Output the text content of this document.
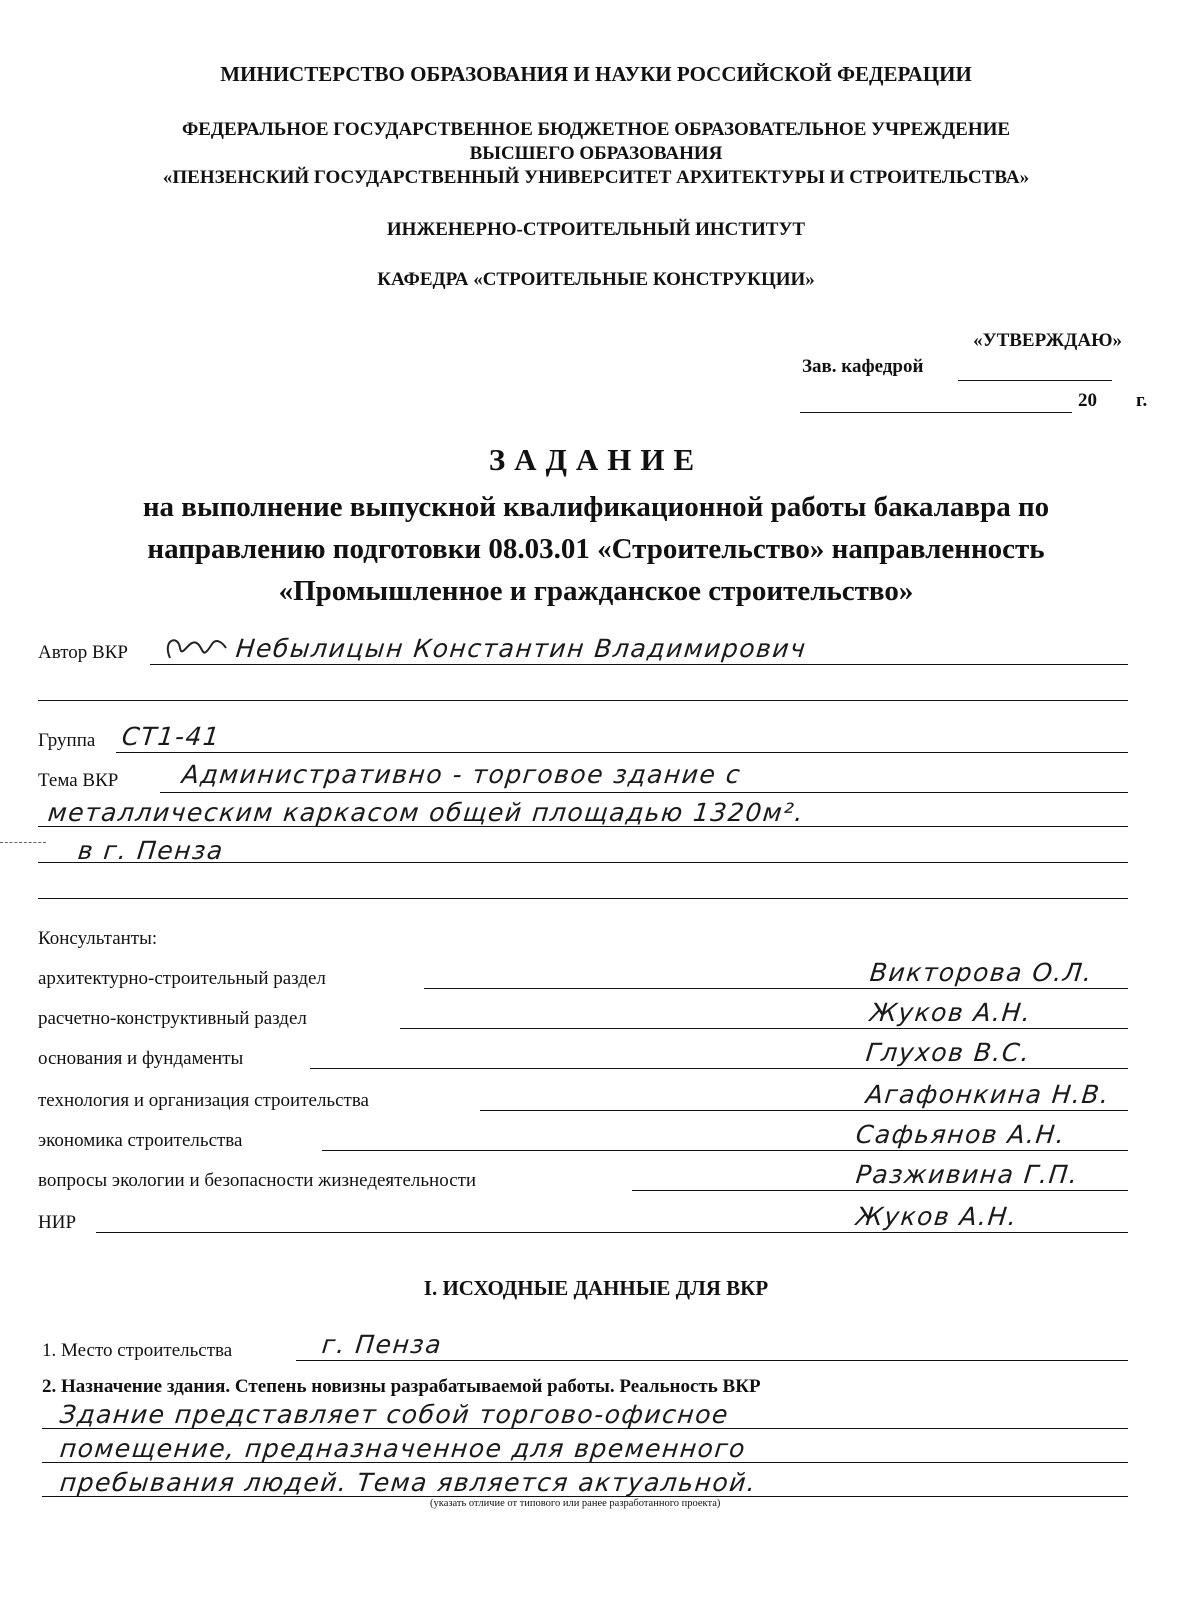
МИНИСТЕРСТВО ОБРАЗОВАНИЯ И НАУКИ РОССИЙСКОЙ ФЕДЕРАЦИИ
ФЕДЕРАЛЬНОЕ ГОСУДАРСТВЕННОЕ БЮДЖЕТНОЕ ОБРАЗОВАТЕЛЬНОЕ УЧРЕЖДЕНИЕ
ВЫСШЕГО ОБРАЗОВАНИЯ
«ПЕНЗЕНСКИЙ ГОСУДАРСТВЕННЫЙ УНИВЕРСИТЕТ АРХИТЕКТУРЫ И СТРОИТЕЛЬСТВА»
ИНЖЕНЕРНО-СТРОИТЕЛЬНЫЙ ИНСТИТУТ
КАФЕДРА «СТРОИТЕЛЬНЫЕ КОНСТРУКЦИИ»
«УТВЕРЖДАЮ»
Зав. кафедрой
20 г.
ЗАДАНИЕ
на выполнение выпускной квалификационной работы бакалавра по
направлению подготовки 08.03.01 «Строительство» направленность
«Промышленное и гражданское строительство»
Автор ВКР	Небылицын Константин Владимирович
Группа СТ1-41
Тема ВКР Административно - торговое здание с
металлическим каркасом общей площадью 1320м².
в г. Пенза
Консультанты:
архитектурно-строительный раздел	Викторова О.Л.
расчетно-конструктивный раздел	Жуков А.Н.
основания и фундаменты	Глухов В.С.
технология и организация строительства	Агафонкина Н.В.
экономика строительства	Сафьянов А.Н.
вопросы экологии и безопасности жизнедеятельности	Разживина Г.П.
НИР	Жуков А.Н.
I. ИСХОДНЫЕ ДАННЫЕ ДЛЯ ВКР
1. Место строительства	г. Пенза
2. Назначение здания. Степень новизны разрабатываемой работы. Реальность ВКР
Здание представляет собой торгово-офисное
помещение, предназначенное для временного
пребывания людей. Тема является актуальной.
(указать отличие от типового или ранее разработанного проекта)
